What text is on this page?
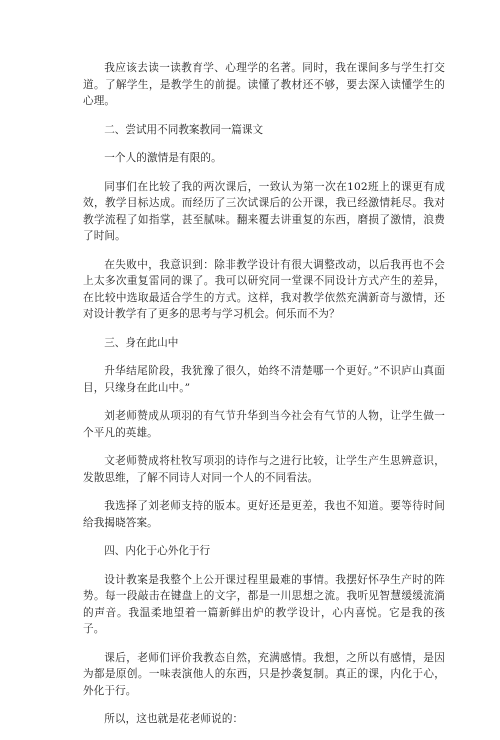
我应该去读一读教育学、心理学的名著。同时，我在课间多与学生打交道。了解学生，是教学生的前提。读懂了教材还不够，要去深入读懂学生的心理。

二、尝试用不同教案教同一篇课文

一个人的激情是有限的。

同事们在比较了我的两次课后，一致认为第一次在102班上的课更有成效，教学目标达成。而经历了三次试课后的公开课，我已经激情耗尽。我对教学流程了如指掌，甚至腻味。翻来覆去讲重复的东西，磨损了激情，浪费了时间。

在失败中，我意识到：除非教学设计有很大调整改动，以后我再也不会上太多次重复雷同的课了。我可以研究同一堂课不同设计方式产生的差异，在比较中选取最适合学生的方式。这样，我对教学依然充满新奇与激情，还对设计教学有了更多的思考与学习机会。何乐而不为？

三、身在此山中

升华结尾阶段，我犹豫了很久，始终不清楚哪一个更好。”不识庐山真面目，只缘身在此山中。”

刘老师赞成从项羽的有气节升华到当今社会有气节的人物，让学生做一个平凡的英雄。

文老师赞成将杜牧写项羽的诗作与之进行比较，让学生产生思辨意识，发散思维，了解不同诗人对同一个人的不同看法。

我选择了刘老师支持的版本。更好还是更差，我也不知道。要等待时间给我揭晓答案。

四、内化于心外化于行

设计教案是我整个上公开课过程里最难的事情。我摆好怀孕生产时的阵势。每一段敲击在键盘上的文字，都是一川思想之流。我听见智慧缓缓流淌的声音。我温柔地望着一篇新鲜出炉的教学设计，心内喜悦。它是我的孩子。

课后，老师们评价我教态自然，充满感情。我想，之所以有感情，是因为都是原创。一味表演他人的东西，只是抄袭复制。真正的课，内化于心，外化于行。

所以，这也就是花老师说的：
